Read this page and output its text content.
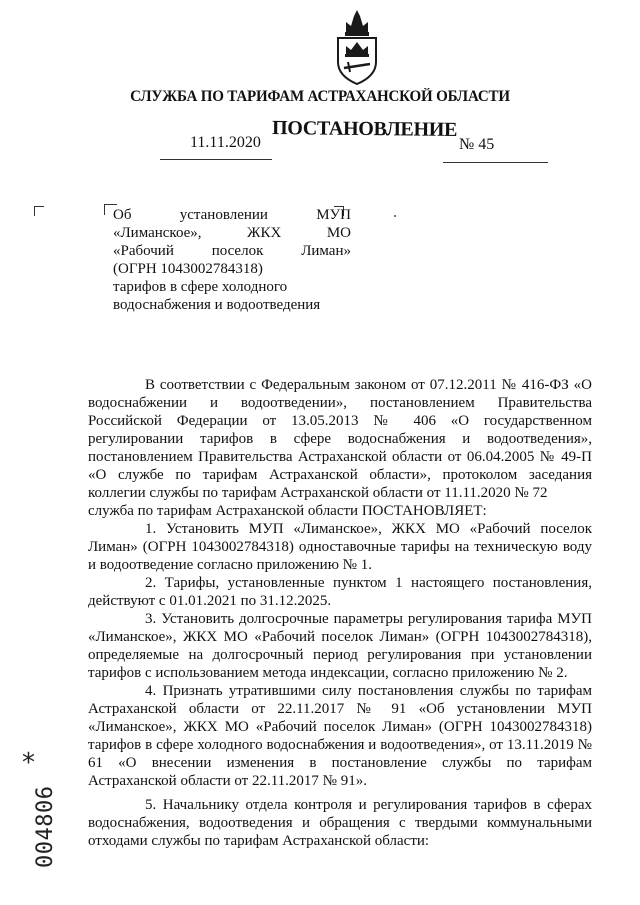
СЛУЖБА ПО ТАРИФАМ АСТРАХАНСКОЙ ОБЛАСТИ
11.11.2020
ПОСТАНОВЛЕНИЕ
№ 45
Об установлении МУП
«Лиманское», ЖКХ МО
«Рабочий поселок Лиман»
(ОГРН 1043002784318)
тарифов в сфере холодного
водоснабжения и водоотведения

В соответствии с Федеральным законом от 07.12.2011 № 416-ФЗ «О водоснабжении и водоотведении», постановлением Правительства Российской Федерации от 13.05.2013 № 406 «О государственном регулировании тарифов в сфере водоснабжения и водоотведения», постановлением Правительства Астраханской области от 06.04.2005 № 49-П «О службе по тарифам Астраханской области», протоколом заседания коллегии службы по тарифам Астраханской области от 11.11.2020 № 72

служба по тарифам Астраханской области ПОСТАНОВЛЯЕТ:

1. Установить МУП «Лиманское», ЖКХ МО «Рабочий поселок Лиман» (ОГРН 1043002784318) одноставочные тарифы на техническую воду и водоотведение согласно приложению № 1.

2. Тарифы, установленные пунктом 1 настоящего постановления, действуют с 01.01.2021 по 31.12.2025.

3. Установить долгосрочные параметры регулирования тарифа МУП «Лиманское», ЖКХ МО «Рабочий поселок Лиман» (ОГРН 1043002784318), определяемые на долгосрочный период регулирования при установлении тарифов с использованием метода индексации, согласно приложению № 2.

4. Признать утратившими силу постановления службы по тарифам Астраханской области от 22.11.2017 № 91 «Об установлении МУП «Лиманское», ЖКХ МО «Рабочий поселок Лиман» (ОГРН 1043002784318) тарифов в сфере холодного водоснабжения и водоотведения», от 13.11.2019 № 61 «О внесении изменения в постановление службы по тарифам Астраханской области от 22.11.2017 № 91».

5. Начальнику отдела контроля и регулирования тарифов в сферах водоснабжения, водоотведения и обращения с твердыми коммунальными отходами службы по тарифам Астраханской области:

*
004806
